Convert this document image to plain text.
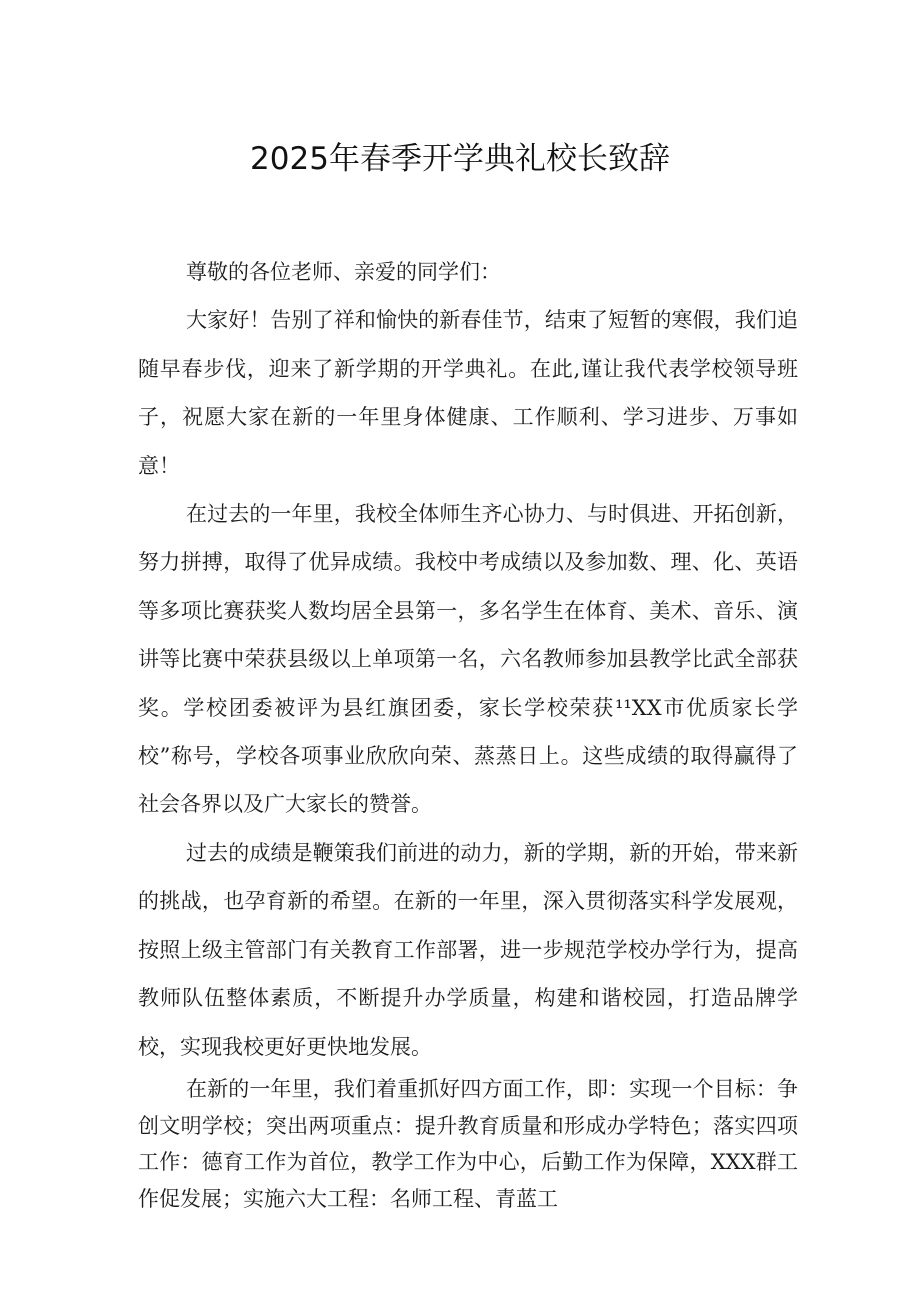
2025年春季开学典礼校长致辞

尊敬的各位老师、亲爱的同学们：

大家好！告别了祥和愉快的新春佳节，结束了短暂的寒假，我们追随早春步伐，迎来了新学期的开学典礼。在此,谨让我代表学校领导班子，祝愿大家在新的一年里身体健康、工作顺利、学习进步、万事如意！

在过去的一年里，我校全体师生齐心协力、与时俱进、开拓创新，努力拼搏，取得了优异成绩。我校中考成绩以及参加数、理、化、英语等多项比赛获奖人数均居全县第一，多名学生在体育、美术、音乐、演讲等比赛中荣获县级以上单项第一名，六名教师参加县教学比武全部获奖。学校团委被评为县红旗团委，家长学校荣获¹¹XX市优质家长学校”称号，学校各项事业欣欣向荣、蒸蒸日上。这些成绩的取得赢得了社会各界以及广大家长的赞誉。

过去的成绩是鞭策我们前进的动力，新的学期，新的开始，带来新的挑战，也孕育新的希望。在新的一年里，深入贯彻落实科学发展观，按照上级主管部门有关教育工作部署，进一步规范学校办学行为，提高教师队伍整体素质，不断提升办学质量，构建和谐校园，打造品牌学校，实现我校更好更快地发展。

在新的一年里，我们着重抓好四方面工作，即：实现一个目标：争创文明学校；突出两项重点：提升教育质量和形成办学特色；落实四项工作：德育工作为首位，教学工作为中心，后勤工作为保障，XXX群工作促发展；实施六大工程：名师工程、青蓝工
